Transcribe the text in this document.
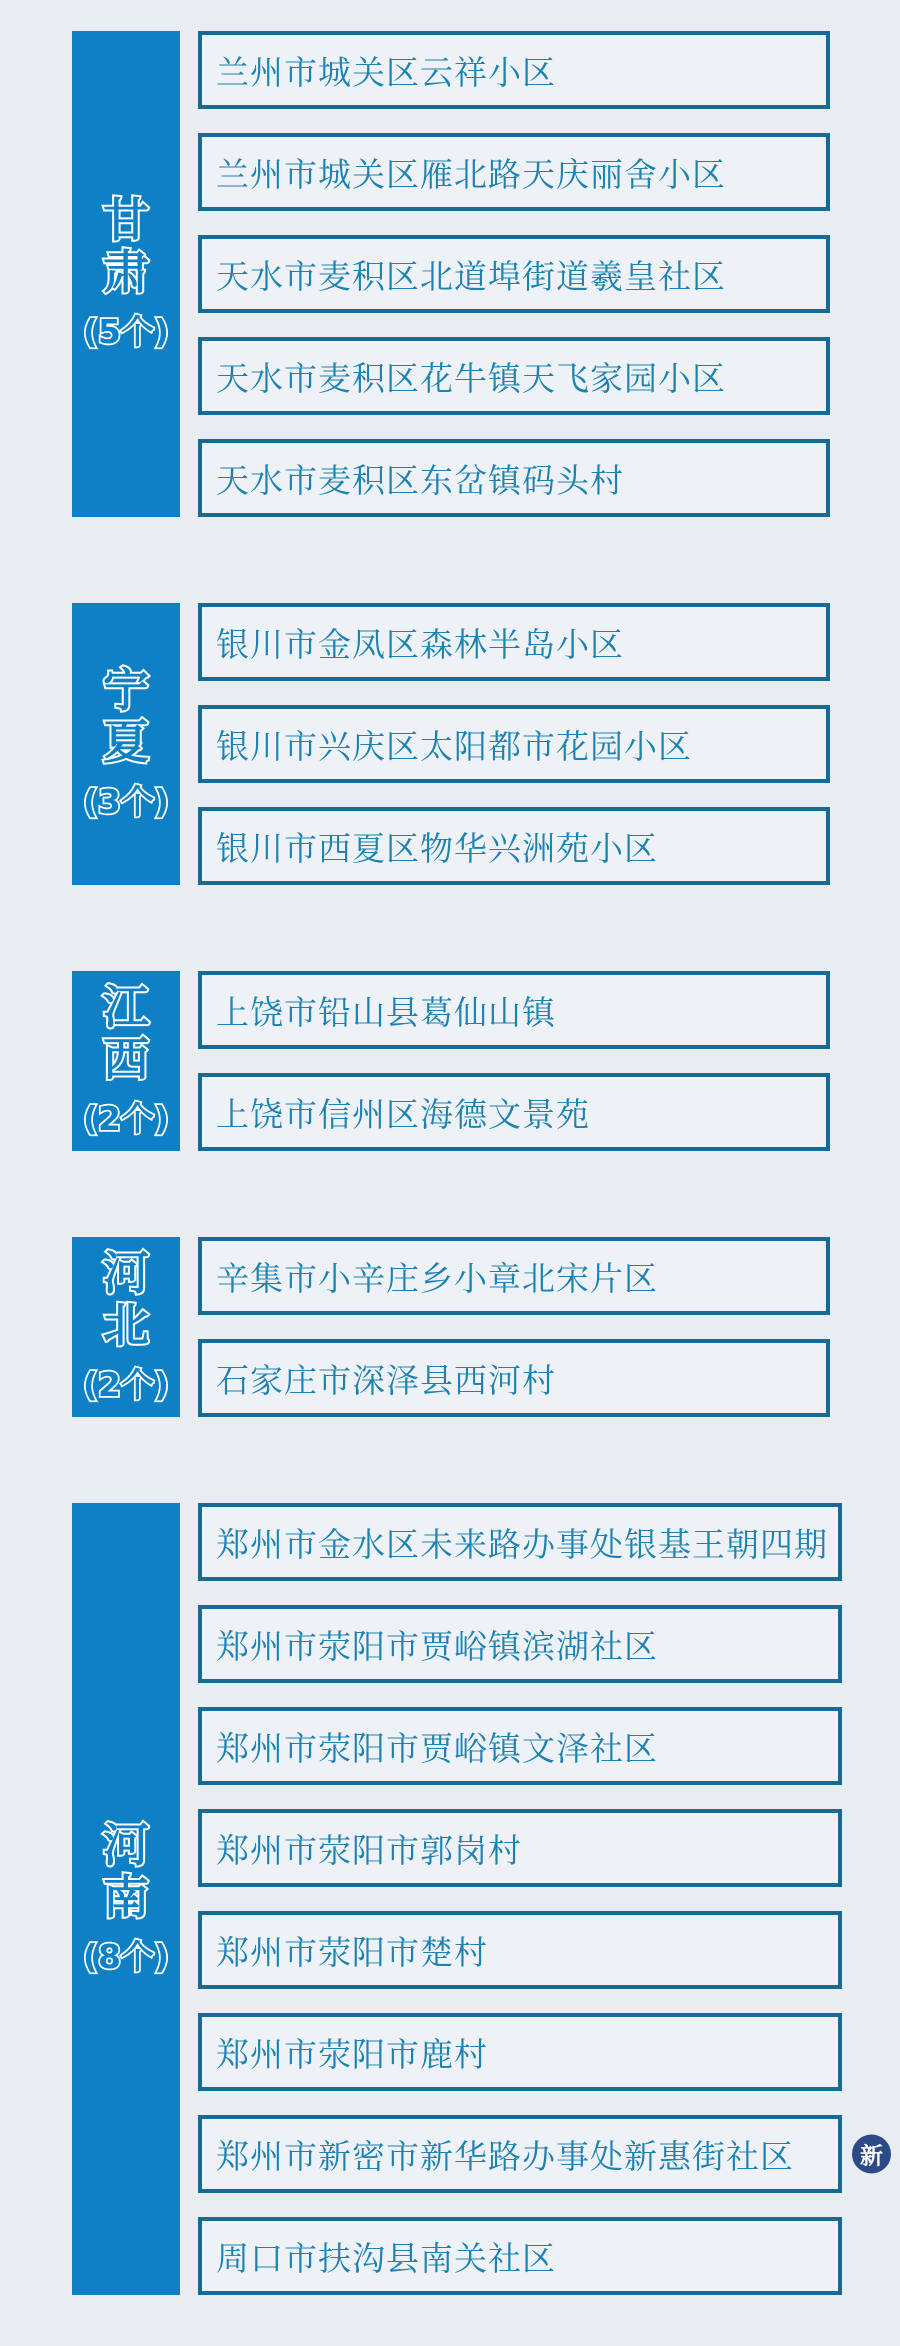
甘
肃
(5个)
兰州市城关区云祥小区
兰州市城关区雁北路天庆丽舍小区
天水市麦积区北道埠街道羲皇社区
天水市麦积区花牛镇天飞家园小区
天水市麦积区东岔镇码头村
宁
夏
(3个)
银川市金凤区森林半岛小区
银川市兴庆区太阳都市花园小区
银川市西夏区物华兴洲苑小区
江
西
(2个)
上饶市铅山县葛仙山镇
上饶市信州区海德文景苑
河
北
(2个)
辛集市小辛庄乡小章北宋片区
石家庄市深泽县西河村
河
南
(8个)
郑州市金水区未来路办事处银基王朝四期
郑州市荥阳市贾峪镇滨湖社区
郑州市荥阳市贾峪镇文泽社区
郑州市荥阳市郭岗村
郑州市荥阳市楚村
郑州市荥阳市鹿村
郑州市新密市新华路办事处新惠街社区	新
周口市扶沟县南关社区
